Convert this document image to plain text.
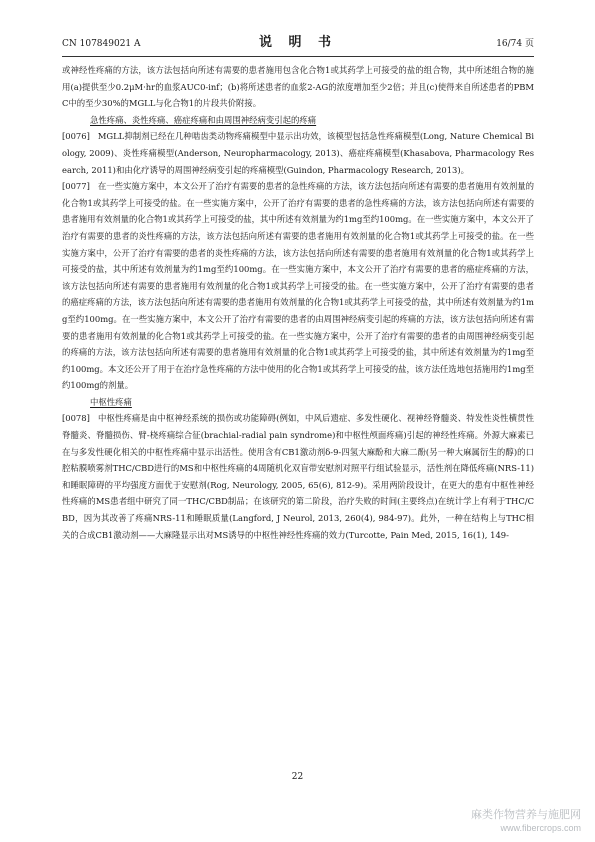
CN 107849021 A	说 明 书	16/74 页

或神经性疼痛的方法，该方法包括向所述有需要的患者施用包含化合物1或其药学上可接受的盐的组合物，其中所述组合物的施用(a)提供至少0.2μM·hr的血浆AUC0-inf；(b)将所述患者的血浆2-AG的浓度增加至少2倍；并且(c)使得来自所述患者的PBMC中的至少30%的MGLL与化合物1的片段共价附接。

急性疼痛、炎性疼痛、癌症疼痛和由周围神经病变引起的疼痛

[0076] MGLL抑制剂已经在几种啮齿类动物疼痛模型中显示出功效，该模型包括急性疼痛模型(Long, Nature Chemical Biology, 2009)、炎性疼痛模型(Anderson, Neuropharmacology, 2013)、癌症疼痛模型(Khasabova, Pharmacology Research, 2011)和由化疗诱导的周围神经病变引起的疼痛模型(Guindon, Pharmacology Research, 2013)。

[0077] 在一些实施方案中，本文公开了治疗有需要的患者的急性疼痛的方法，该方法包括向所述有需要的患者施用有效剂量的化合物1或其药学上可接受的盐。在一些实施方案中，公开了治疗有需要的患者的急性疼痛的方法，该方法包括向所述有需要的患者施用有效剂量的化合物1或其药学上可接受的盐，其中所述有效剂量为约1mg至约100mg。在一些实施方案中，本文公开了治疗有需要的患者的炎性疼痛的方法，该方法包括向所述有需要的患者施用有效剂量的化合物1或其药学上可接受的盐。在一些实施方案中，公开了治疗有需要的患者的炎性疼痛的方法，该方法包括向所述有需要的患者施用有效剂量的化合物1或其药学上可接受的盐，其中所述有效剂量为约1mg至约100mg。在一些实施方案中，本文公开了治疗有需要的患者的癌症疼痛的方法，该方法包括向所述有需要的患者施用有效剂量的化合物1或其药学上可接受的盐。在一些实施方案中，公开了治疗有需要的患者的癌症疼痛的方法，该方法包括向所述有需要的患者施用有效剂量的化合物1或其药学上可接受的盐，其中所述有效剂量为约1mg至约100mg。在一些实施方案中，本文公开了治疗有需要的患者的由周围神经病变引起的疼痛的方法，该方法包括向所述有需要的患者施用有效剂量的化合物1或其药学上可接受的盐。在一些实施方案中，公开了治疗有需要的患者的由周围神经病变引起的疼痛的方法，该方法包括向所述有需要的患者施用有效剂量的化合物1或其药学上可接受的盐，其中所述有效剂量为约1mg至约100mg。本文还公开了用于在治疗急性疼痛的方法中使用的化合物1或其药学上可接受的盐，该方法任选地包括施用约1mg至约100mg的剂量。

中枢性疼痛

[0078] 中枢性疼痛是由中枢神经系统的损伤或功能障碍(例如，中风后遗症、多发性硬化、视神经脊髓炎、特发性炎性横贯性脊髓炎、脊髓损伤、臂-桡疼痛综合征(brachial-radial pain syndrome)和中枢性颅面疼痛)引起的神经性疼痛。外源大麻素已在与多发性硬化相关的中枢性疼痛中显示出活性。使用含有CB1激动剂δ-9-四氢大麻酚和大麻二酚(另一种大麻属衍生的醇)的口腔粘膜喷雾剂THC/CBD进行的MS和中枢性疼痛的4周随机化双盲带安慰剂对照平行组试验显示，活性剂在降低疼痛(NRS-11)和睡眠障碍的平均强度方面优于安慰剂(Rog, Neurology, 2005, 65(6), 812-9)。采用两阶段设计，在更大的患有中枢性神经性疼痛的MS患者组中研究了同一THC/CBD制品；在该研究的第二阶段，治疗失败的时间(主要终点)在统计学上有利于THC/CBD，因为其改善了疼痛NRS-11和睡眠质量(Langford, J Neurol, 2013, 260(4), 984-97)。此外，一种在结构上与THC相关的合成CB1激动剂——大麻隆显示出对MS诱导的中枢性神经性疼痛的效力(Turcotte, Pain Med, 2015, 16(1), 149-

22
麻类作物营养与施肥网
www.fibercrops.com
